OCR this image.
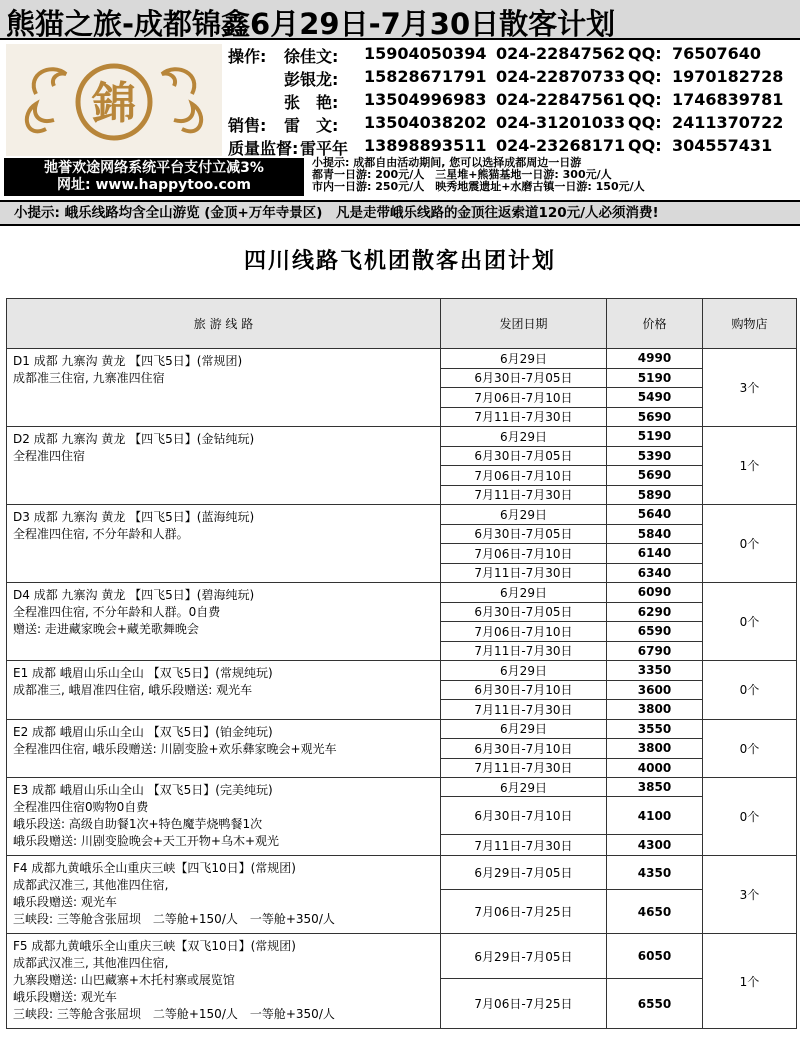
熊猫之旅-成都锦鑫6月29日-7月30日散客计划
錦
操作: 徐佳文: 15904050394 024-22847562 QQ: 76507640
彭银龙: 15828671791 024-22870733 QQ: 1970182728
张　艳: 13504996983 024-22847561 QQ: 1746839781
销售: 雷　文: 13504038202 024-31201033 QQ: 2411370722
质量监督: 雷平年 13898893511 024-23268171 QQ: 304557431
弛誉欢途网络系统平台支付立减3%
网址: www.happytoo.com
小提示: 成都自由活动期间, 您可以选择成都周边一日游
都青一日游: 200元/人　三星堆+熊猫基地一日游: 300元/人
市内一日游: 250元/人　映秀地震遗址+水磨古镇一日游: 150元/人
小提示: 峨乐线路均含全山游览 (金顶+万年寺景区)　凡是走带峨乐线路的金顶往返索道120元/人必须消费!
四川线路飞机团散客出团计划
旅 游 线 路	发团日期	价格	购物店
D1 成都 九寨沟 黄龙 【四飞5日】(常规团)
成都准三住宿, 九寨准四住宿	6月29日	4990	3个
	6月30日-7月05日	5190	
	7月06日-7月10日	5490	
	7月11日-7月30日	5690	
D2 成都 九寨沟 黄龙 【四飞5日】(金钻纯玩)
全程准四住宿	6月29日	5190	1个
	6月30日-7月05日	5390	
	7月06日-7月10日	5690	
	7月11日-7月30日	5890	
D3 成都 九寨沟 黄龙 【四飞5日】(蓝海纯玩)
全程准四住宿, 不分年龄和人群。	6月29日	5640	0个
	6月30日-7月05日	5840	
	7月06日-7月10日	6140	
	7月11日-7月30日	6340	
D4 成都 九寨沟 黄龙 【四飞5日】(碧海纯玩)
全程准四住宿, 不分年龄和人群。0自费
赠送: 走进藏家晚会+藏羌歌舞晚会	6月29日	6090	0个
	6月30日-7月05日	6290	
	7月06日-7月10日	6590	
	7月11日-7月30日	6790	
E1 成都 峨眉山乐山全山 【双飞5日】(常规纯玩)
成都准三, 峨眉准四住宿, 峨乐段赠送: 观光车	6月29日	3350	0个
	6月30日-7月10日	3600	
	7月11日-7月30日	3800	
E2 成都 峨眉山乐山全山 【双飞5日】(铂金纯玩)
全程准四住宿, 峨乐段赠送: 川剧变脸+欢乐彝家晚会+观光车	6月29日	3550	0个
	6月30日-7月10日	3800	
	7月11日-7月30日	4000	
E3 成都 峨眉山乐山全山 【双飞5日】(完美纯玩)
全程准四住宿0购物0自费
峨乐段送: 高级自助餐1次+特色魔芋烧鸭餐1次
峨乐段赠送: 川剧变脸晚会+天工开物+乌木+观光	6月29日	3850	0个
	6月30日-7月10日	4100	
	7月11日-7月30日	4300	
F4 成都九黄峨乐全山重庆三峡【四飞10日】(常规团)
成都武汉准三, 其他准四住宿,
峨乐段赠送: 观光车
三峡段: 三等舱含张屈坝　二等舱+150/人　一等舱+350/人	6月29日-7月05日	4350	3个
	7月06日-7月25日	4650	
F5 成都九黄峨乐全山重庆三峡【双飞10日】(常规团)
成都武汉准三, 其他准四住宿,
九寨段赠送: 山巴藏寨+木托村寨或展览馆
峨乐段赠送: 观光车
三峡段: 三等舱含张屈坝　二等舱+150/人　一等舱+350/人	6月29日-7月05日	6050	1个
	7月06日-7月25日	6550	
